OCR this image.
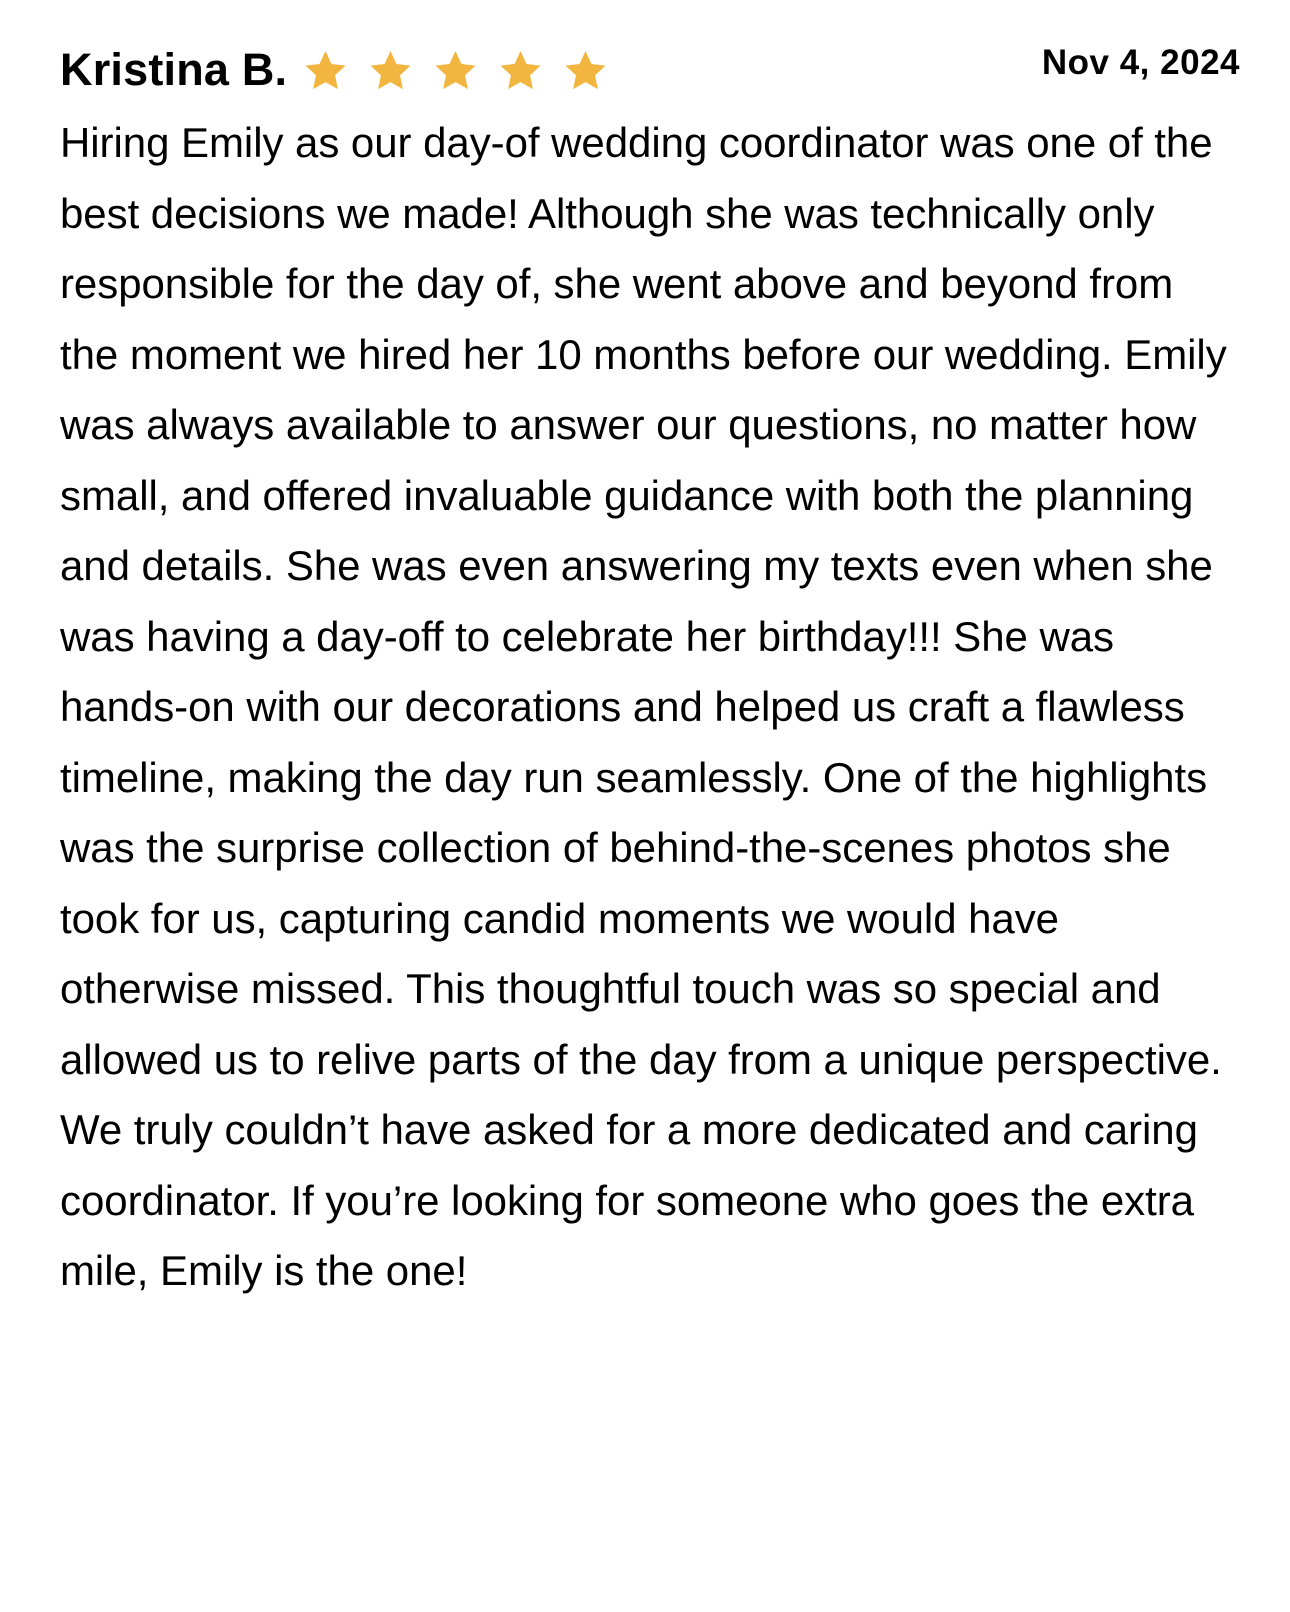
Kristina B.	Nov 4, 2024

Hiring Emily as our day-of wedding coordinator was one of the best decisions we made! Although she was technically only responsible for the day of, she went above and beyond from the moment we hired her 10 months before our wedding. Emily was always available to answer our questions, no matter how small, and offered invaluable guidance with both the planning and details. She was even answering my texts even when she was having a day-off to celebrate her birthday!!! She was hands-on with our decorations and helped us craft a flawless timeline, making the day run seamlessly. One of the highlights was the surprise collection of behind-the-scenes photos she took for us, capturing candid moments we would have otherwise missed. This thoughtful touch was so special and allowed us to relive parts of the day from a unique perspective. We truly couldn’t have asked for a more dedicated and caring coordinator. If you’re looking for someone who goes the extra mile, Emily is the one!
